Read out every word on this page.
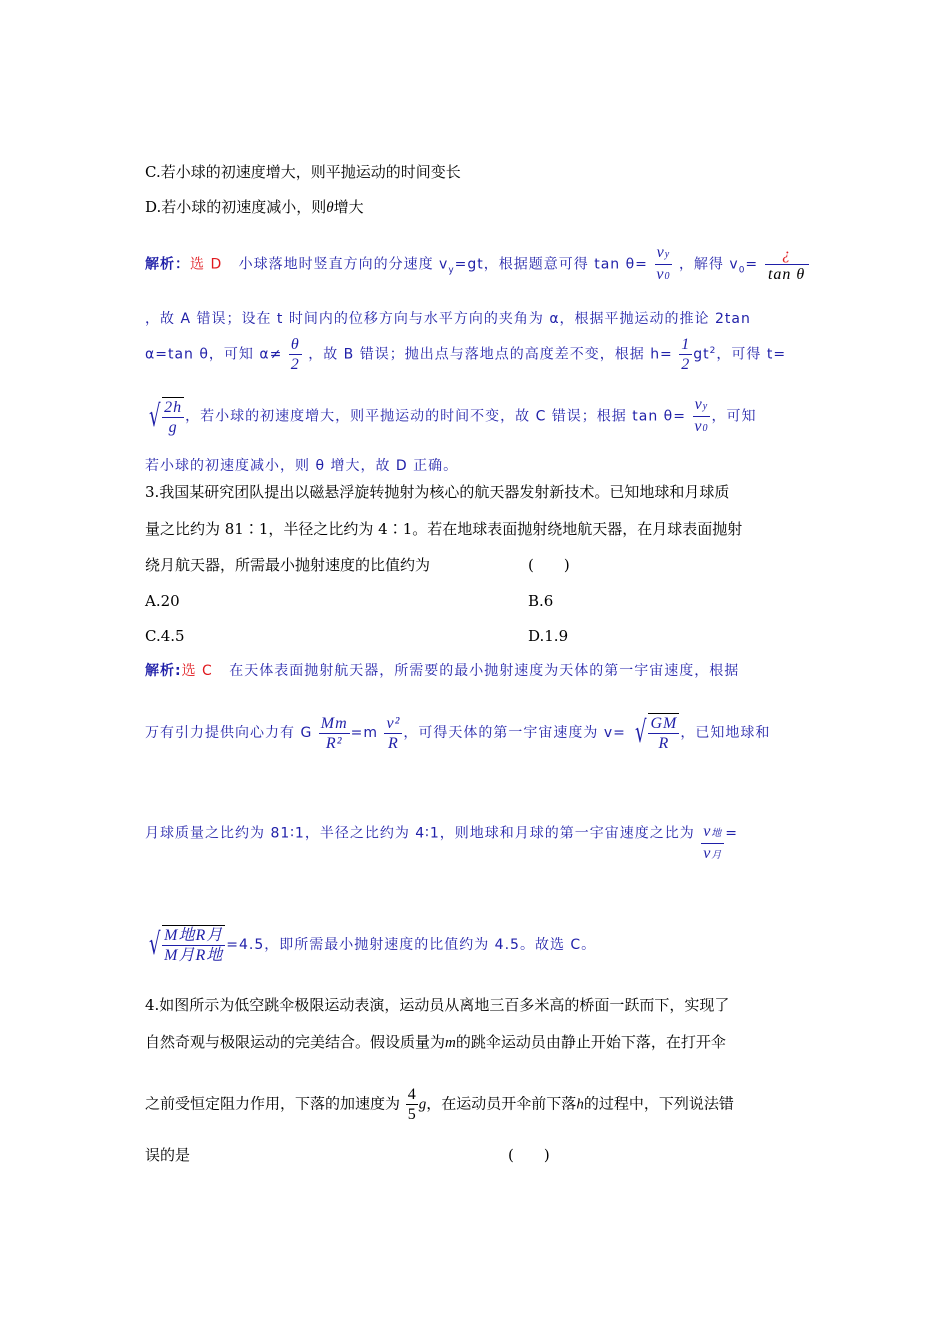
C.若小球的初速度增大，则平抛运动的时间变长
D.若小球的初速度减小，则θ增大
解析：选 D 小球落地时竖直方向的分速度 $v_y=gt$，根据题意可得 $\tan \theta= \frac{vy}{v0}$ ，解得 $v_0= \frac{¿}{\text{tan θ}}$
，故 A 错误；设在 t 时间内的位移方向与水平方向的夹角为 α，根据平抛运动的推论 2tan
α=tan θ，可知 $\alpha\ne \frac{\theta}{2}$ ，故 B 错误；抛出点与落地点的高度差不变，根据 $h= \frac{1}{2} gt^2$，可得 t=
√ $\frac{2h}{g}$ ，若小球的初速度增大，则平抛运动的时间不变，故 C 错误；根据 $\tan \theta= \frac{vy}{v0}$ ，可知
若小球的初速度减小，则 θ 增大，故 D 正确。
3.我国某研究团队提出以磁悬浮旋转抛射为核心的航天器发射新技术。已知地球和月球质
量之比约为 81∶1，半径之比约为 4∶1。若在地球表面抛射绕地航天器，在月球表面抛射
绕月航天器，所需最小抛射速度的比值约为	(　　)
A.20	B.6
C.4.5	D.1.9
解析:选 C 在天体表面抛射航天器，所需要的最小抛射速度为天体的第一宇宙速度，根据
万有引力提供向心力有 G $\frac{Mm}{\text{R²}} =m \frac{\text{v²}}{R}$ ，可得天体的第一宇宙速度为 v= √ $\frac{GM}{R}$ ，已知地球和
月球质量之比约为 81∶1，半径之比约为 4∶1，则地球和月球的第一宇宙速度之比为 $\frac{\text{v地}}{\text{v月}}$ =
√ $\frac{\text{M地R月}}{\text{M月R地}} =4.5$，即所需最小抛射速度的比值约为 4.5。故选 C。
4.如图所示为低空跳伞极限运动表演，运动员从离地三百多米高的桥面一跃而下，实现了
自然奇观与极限运动的完美结合。假设质量为m的跳伞运动员由静止开始下落，在打开伞
之前受恒定阻力作用，下落的加速度为 $\frac{4}{5}$ g，在运动员开伞前下落h的过程中，下列说法错
误的是	(　　)
